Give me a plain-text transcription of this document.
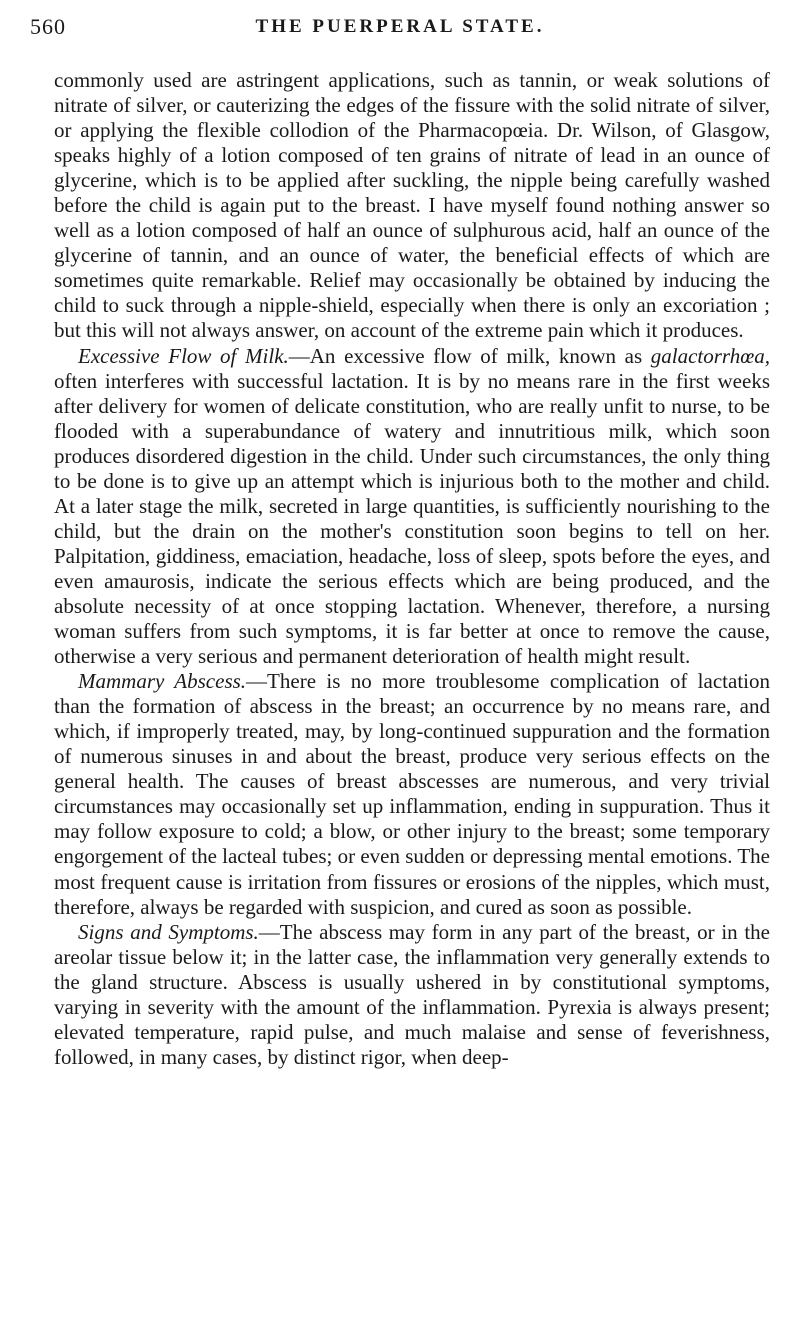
560	THE PUERPERAL STATE.

commonly used are astringent applications, such as tannin, or weak solutions of nitrate of silver, or cauterizing the edges of the fissure with the solid nitrate of silver, or applying the flexible collodion of the Pharmacopœia. Dr. Wilson, of Glasgow, speaks highly of a lotion composed of ten grains of nitrate of lead in an ounce of glycerine, which is to be applied after suckling, the nipple being carefully washed before the child is again put to the breast. I have myself found nothing answer so well as a lotion composed of half an ounce of sulphurous acid, half an ounce of the glycerine of tannin, and an ounce of water, the beneficial effects of which are sometimes quite remarkable. Relief may occasionally be obtained by inducing the child to suck through a nipple-shield, especially when there is only an excoriation ; but this will not always answer, on account of the extreme pain which it produces.

Excessive Flow of Milk.—An excessive flow of milk, known as galactorrhœa, often interferes with successful lactation. It is by no means rare in the first weeks after delivery for women of delicate constitution, who are really unfit to nurse, to be flooded with a superabundance of watery and innutritious milk, which soon produces disordered digestion in the child. Under such circumstances, the only thing to be done is to give up an attempt which is injurious both to the mother and child. At a later stage the milk, secreted in large quantities, is sufficiently nourishing to the child, but the drain on the mother's constitution soon begins to tell on her. Palpitation, giddiness, emaciation, headache, loss of sleep, spots before the eyes, and even amaurosis, indicate the serious effects which are being produced, and the absolute necessity of at once stopping lactation. Whenever, therefore, a nursing woman suffers from such symptoms, it is far better at once to remove the cause, otherwise a very serious and permanent deterioration of health might result.

Mammary Abscess.—There is no more troublesome complication of lactation than the formation of abscess in the breast; an occurrence by no means rare, and which, if improperly treated, may, by long-continued suppuration and the formation of numerous sinuses in and about the breast, produce very serious effects on the general health. The causes of breast abscesses are numerous, and very trivial circumstances may occasionally set up inflammation, ending in suppuration. Thus it may follow exposure to cold; a blow, or other injury to the breast; some temporary engorgement of the lacteal tubes; or even sudden or depressing mental emotions. The most frequent cause is irritation from fissures or erosions of the nipples, which must, therefore, always be regarded with suspicion, and cured as soon as possible.

Signs and Symptoms.—The abscess may form in any part of the breast, or in the areolar tissue below it; in the latter case, the inflammation very generally extends to the gland structure. Abscess is usually ushered in by constitutional symptoms, varying in severity with the amount of the inflammation. Pyrexia is always present; elevated temperature, rapid pulse, and much malaise and sense of feverishness, followed, in many cases, by distinct rigor, when deep-
